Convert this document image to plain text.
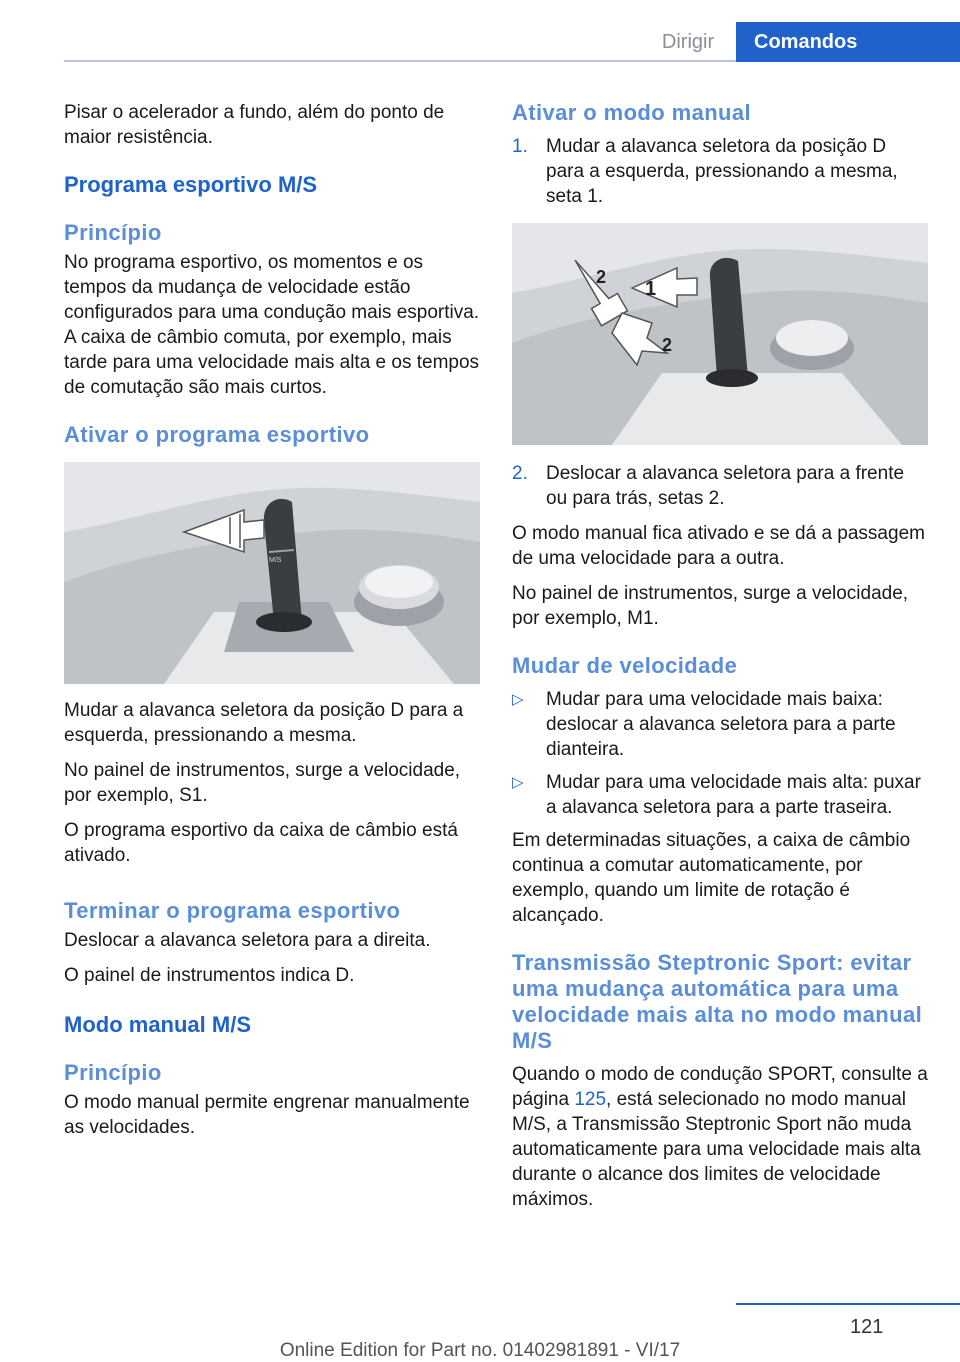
Dirigir	Comandos

Pisar o acelerador a fundo, além do ponto de maior resistência.

Programa esportivo M/S
Princípio

No programa esportivo, os momentos e os tempos da mudança de velocidade estão configurados para uma condução mais esportiva. A caixa de câmbio comuta, por exemplo, mais tarde para uma velocidade mais alta e os tempos de comutação são mais curtos.

Ativar o programa esportivo
M/S

Mudar a alavanca seletora da posição D para a esquerda, pressionando a mesma.

No painel de instrumentos, surge a velocidade, por exemplo, S1.

O programa esportivo da caixa de câmbio está ativado.

Terminar o programa esportivo

Deslocar a alavanca seletora para a direita.

O painel de instrumentos indica D.

Modo manual M/S
Princípio

O modo manual permite engrenar manualmente as velocidades.

Ativar o modo manual
1. Mudar a alavanca seletora da posição D para a esquerda, pressionando a mesma, seta 1.
1
2
2
2. Deslocar a alavanca seletora para a frente ou para trás, setas 2.

O modo manual fica ativado e se dá a passagem de uma velocidade para a outra.

No painel de instrumentos, surge a velocidade, por exemplo, M1.

Mudar de velocidade
▷	Mudar para uma velocidade mais baixa: deslocar a alavanca seletora para a parte dianteira.
▷	Mudar para uma velocidade mais alta: puxar a alavanca seletora para a parte traseira.

Em determinadas situações, a caixa de câmbio continua a comutar automaticamente, por exemplo, quando um limite de rotação é alcançado.

Transmissão Steptronic Sport: evitar uma mudança automática para uma velocidade mais alta no modo manual M/S

Quando o modo de condução SPORT, consulte a página 125, está selecionado no modo manual M/S, a Transmissão Steptronic Sport não muda automaticamente para uma velocidade mais alta durante o alcance dos limites de velocidade máximos.

121
Online Edition for Part no. 01402981891 - VI/17
